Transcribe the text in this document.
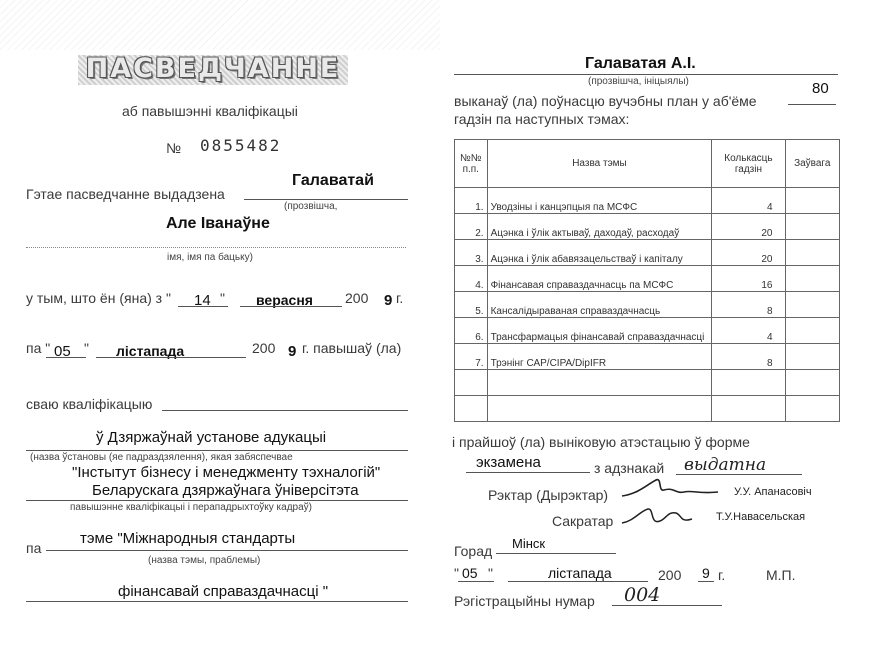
ПАСВЕДЧАННЕ
аб павышэнні кваліфікацыі
№ 0855482
Гэтае пасведчанне выдадзена
Галаватай
(прозвішча,
Але Іванаўне
імя, імя па бацьку)
у тым, што ён (яна) з " 14 " верасня 200 9 г.
па " 05 " лістапада	200 9 г. павышаў (ла)
сваю кваліфікацыю
ў Дзяржаўнай установе адукацыі
(назва ўстановы (яе падраздзялення), якая забяспечвае
"Інстытут бізнесу і менеджменту тэхналогій"
Беларускага дзяржаўнага ўніверсітэта
павышэнне кваліфікацыі і перападрыхтоўку кадраў)
па
тэме "Міжнародныя стандарты
(назва тэмы, праблемы)
фінансавай справаздачнасці "
Галаватая А.І.
(прозвішча, ініцыялы)	80
выканаў (ла) поўнасцю вучэбны план у аб'ёме
гадзін па наступных тэмах:
№№
п.п.	Назва тэмы	Колькасць
гадзін	Заўвага
1.	Уводзіны і канцэпцыя па МСФС	4	
2.	Ацэнка і ўлік актываў, даходаў, расходаў	20	
3.	Ацэнка і ўлік абавязацельстваў і капіталу	20	
4.	Фінансавая справаздачнасць па МСФС	16	
5.	Кансалідыраваная справаздачнасць	8	
6.	Трансфармацыя фінансавай справаздачнасці	4	
7.	Трэнінг САР/CIPA/DipIFR	8	

і прайшоў (ла) выніковую атэстацыю ў форме
экзамена	з адзнакай выдатна
Рэктар (Дырэктар)	У.У. Апанасовіч
Сакратар	Т.У.Навасельская
Горад Мінск
" 05 "	лістапада	200 9 г.	М.П.
Рэгістрацыйны нумар 004
